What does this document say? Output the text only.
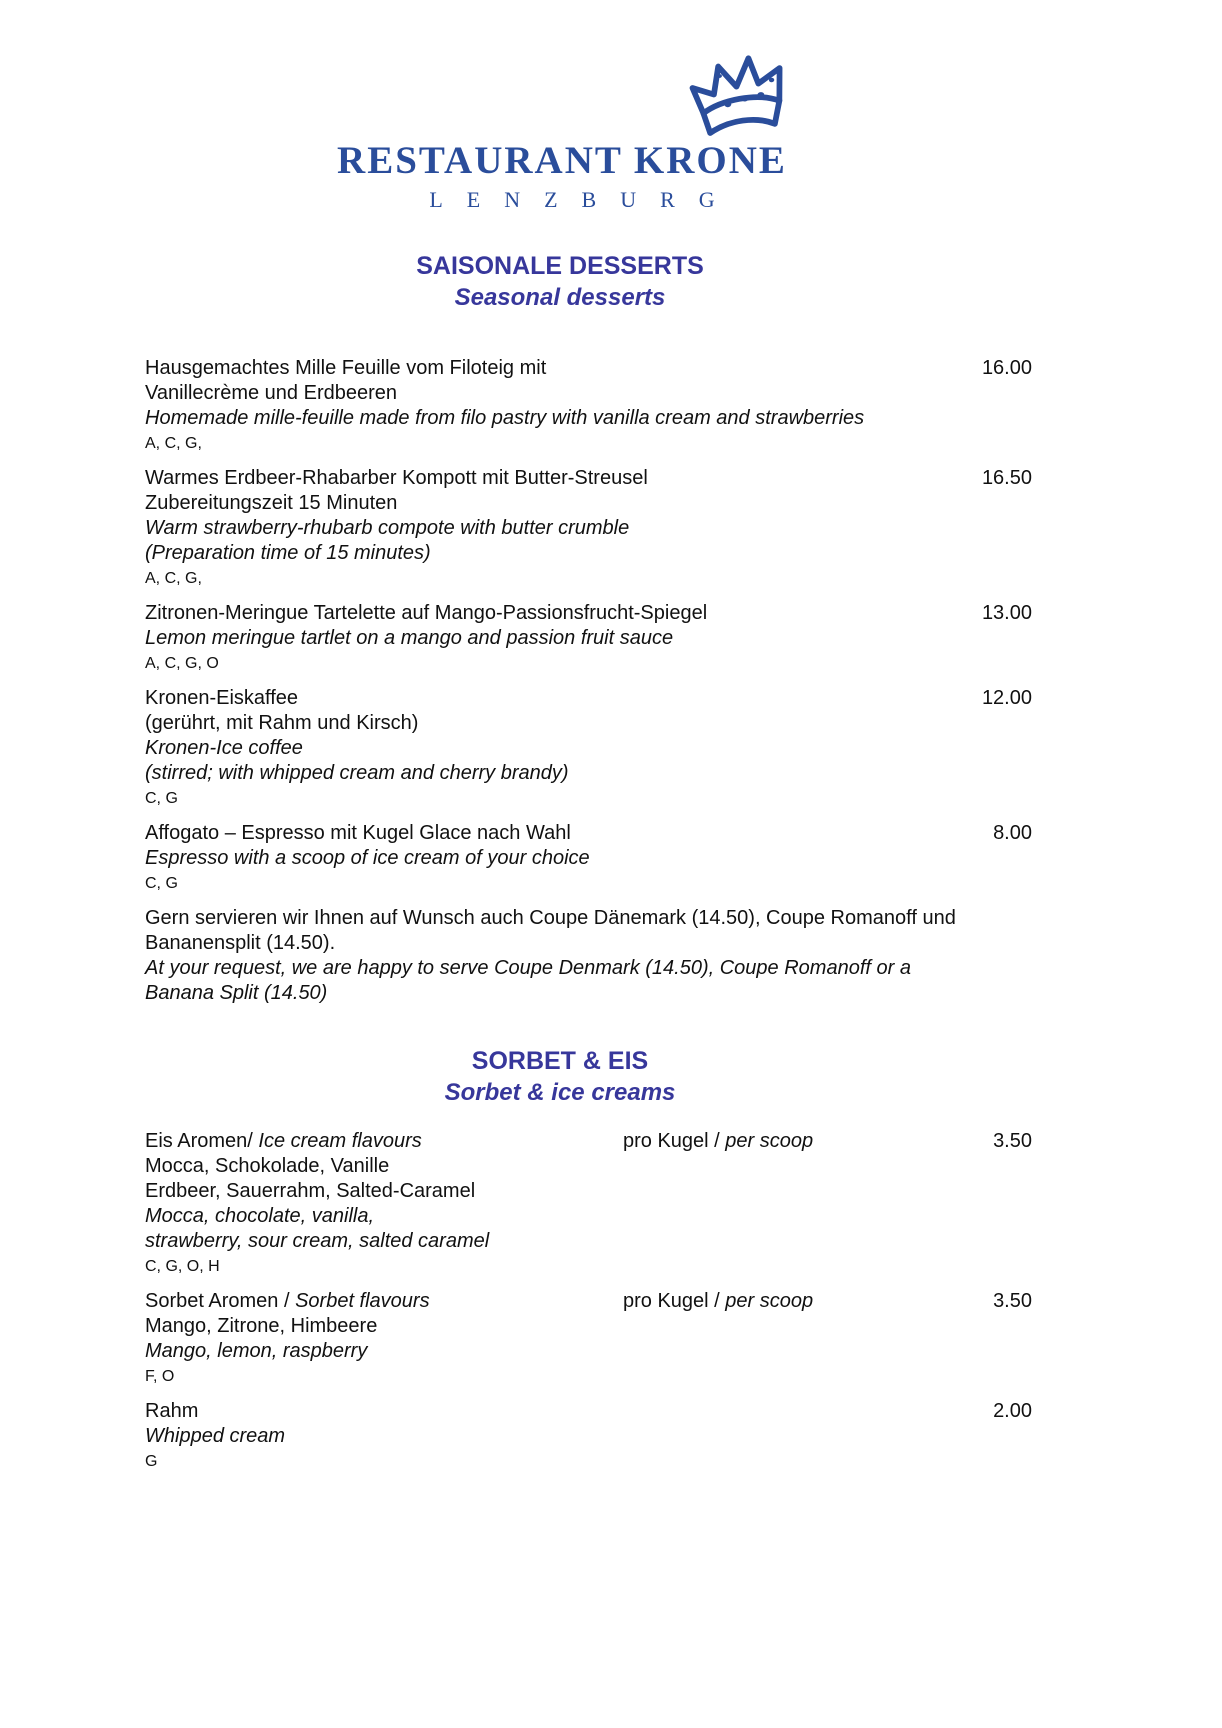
RESTAURANT KRONE
LENZBURG
SAISONALE DESSERTS
Seasonal desserts
Hausgemachtes Mille Feuille vom Filoteig mit	16.00
Vanillecrème und Erdbeeren
Homemade mille-feuille made from filo pastry with vanilla cream and strawberries
A, C, G,
Warmes Erdbeer-Rhabarber Kompott mit Butter-Streusel	16.50
Zubereitungszeit 15 Minuten
Warm strawberry-rhubarb compote with butter crumble
(Preparation time of 15 minutes)
A, C, G,
Zitronen-Meringue Tartelette auf Mango-Passionsfrucht-Spiegel	13.00
Lemon meringue tartlet on a mango and passion fruit sauce
A, C, G, O
Kronen-Eiskaffee	12.00
(gerührt, mit Rahm und Kirsch)
Kronen-Ice coffee
(stirred; with whipped cream and cherry brandy)
C, G
Affogato – Espresso mit Kugel Glace nach Wahl	8.00
Espresso with a scoop of ice cream of your choice
C, G
Gern servieren wir Ihnen auf Wunsch auch Coupe Dänemark (14.50), Coupe Romanoff und
Bananensplit (14.50).
At your request, we are happy to serve Coupe Denmark (14.50), Coupe Romanoff or a
Banana Split (14.50)
SORBET & EIS
Sorbet & ice creams
Eis Aromen/ Ice cream flavours	pro Kugel / per scoop	3.50
Mocca, Schokolade, Vanille
Erdbeer, Sauerrahm, Salted-Caramel
Mocca, chocolate, vanilla,
strawberry, sour cream, salted caramel
C, G, O, H
Sorbet Aromen / Sorbet flavours	pro Kugel / per scoop	3.50
Mango, Zitrone, Himbeere
Mango, lemon, raspberry
F, O
Rahm	2.00
Whipped cream
G
